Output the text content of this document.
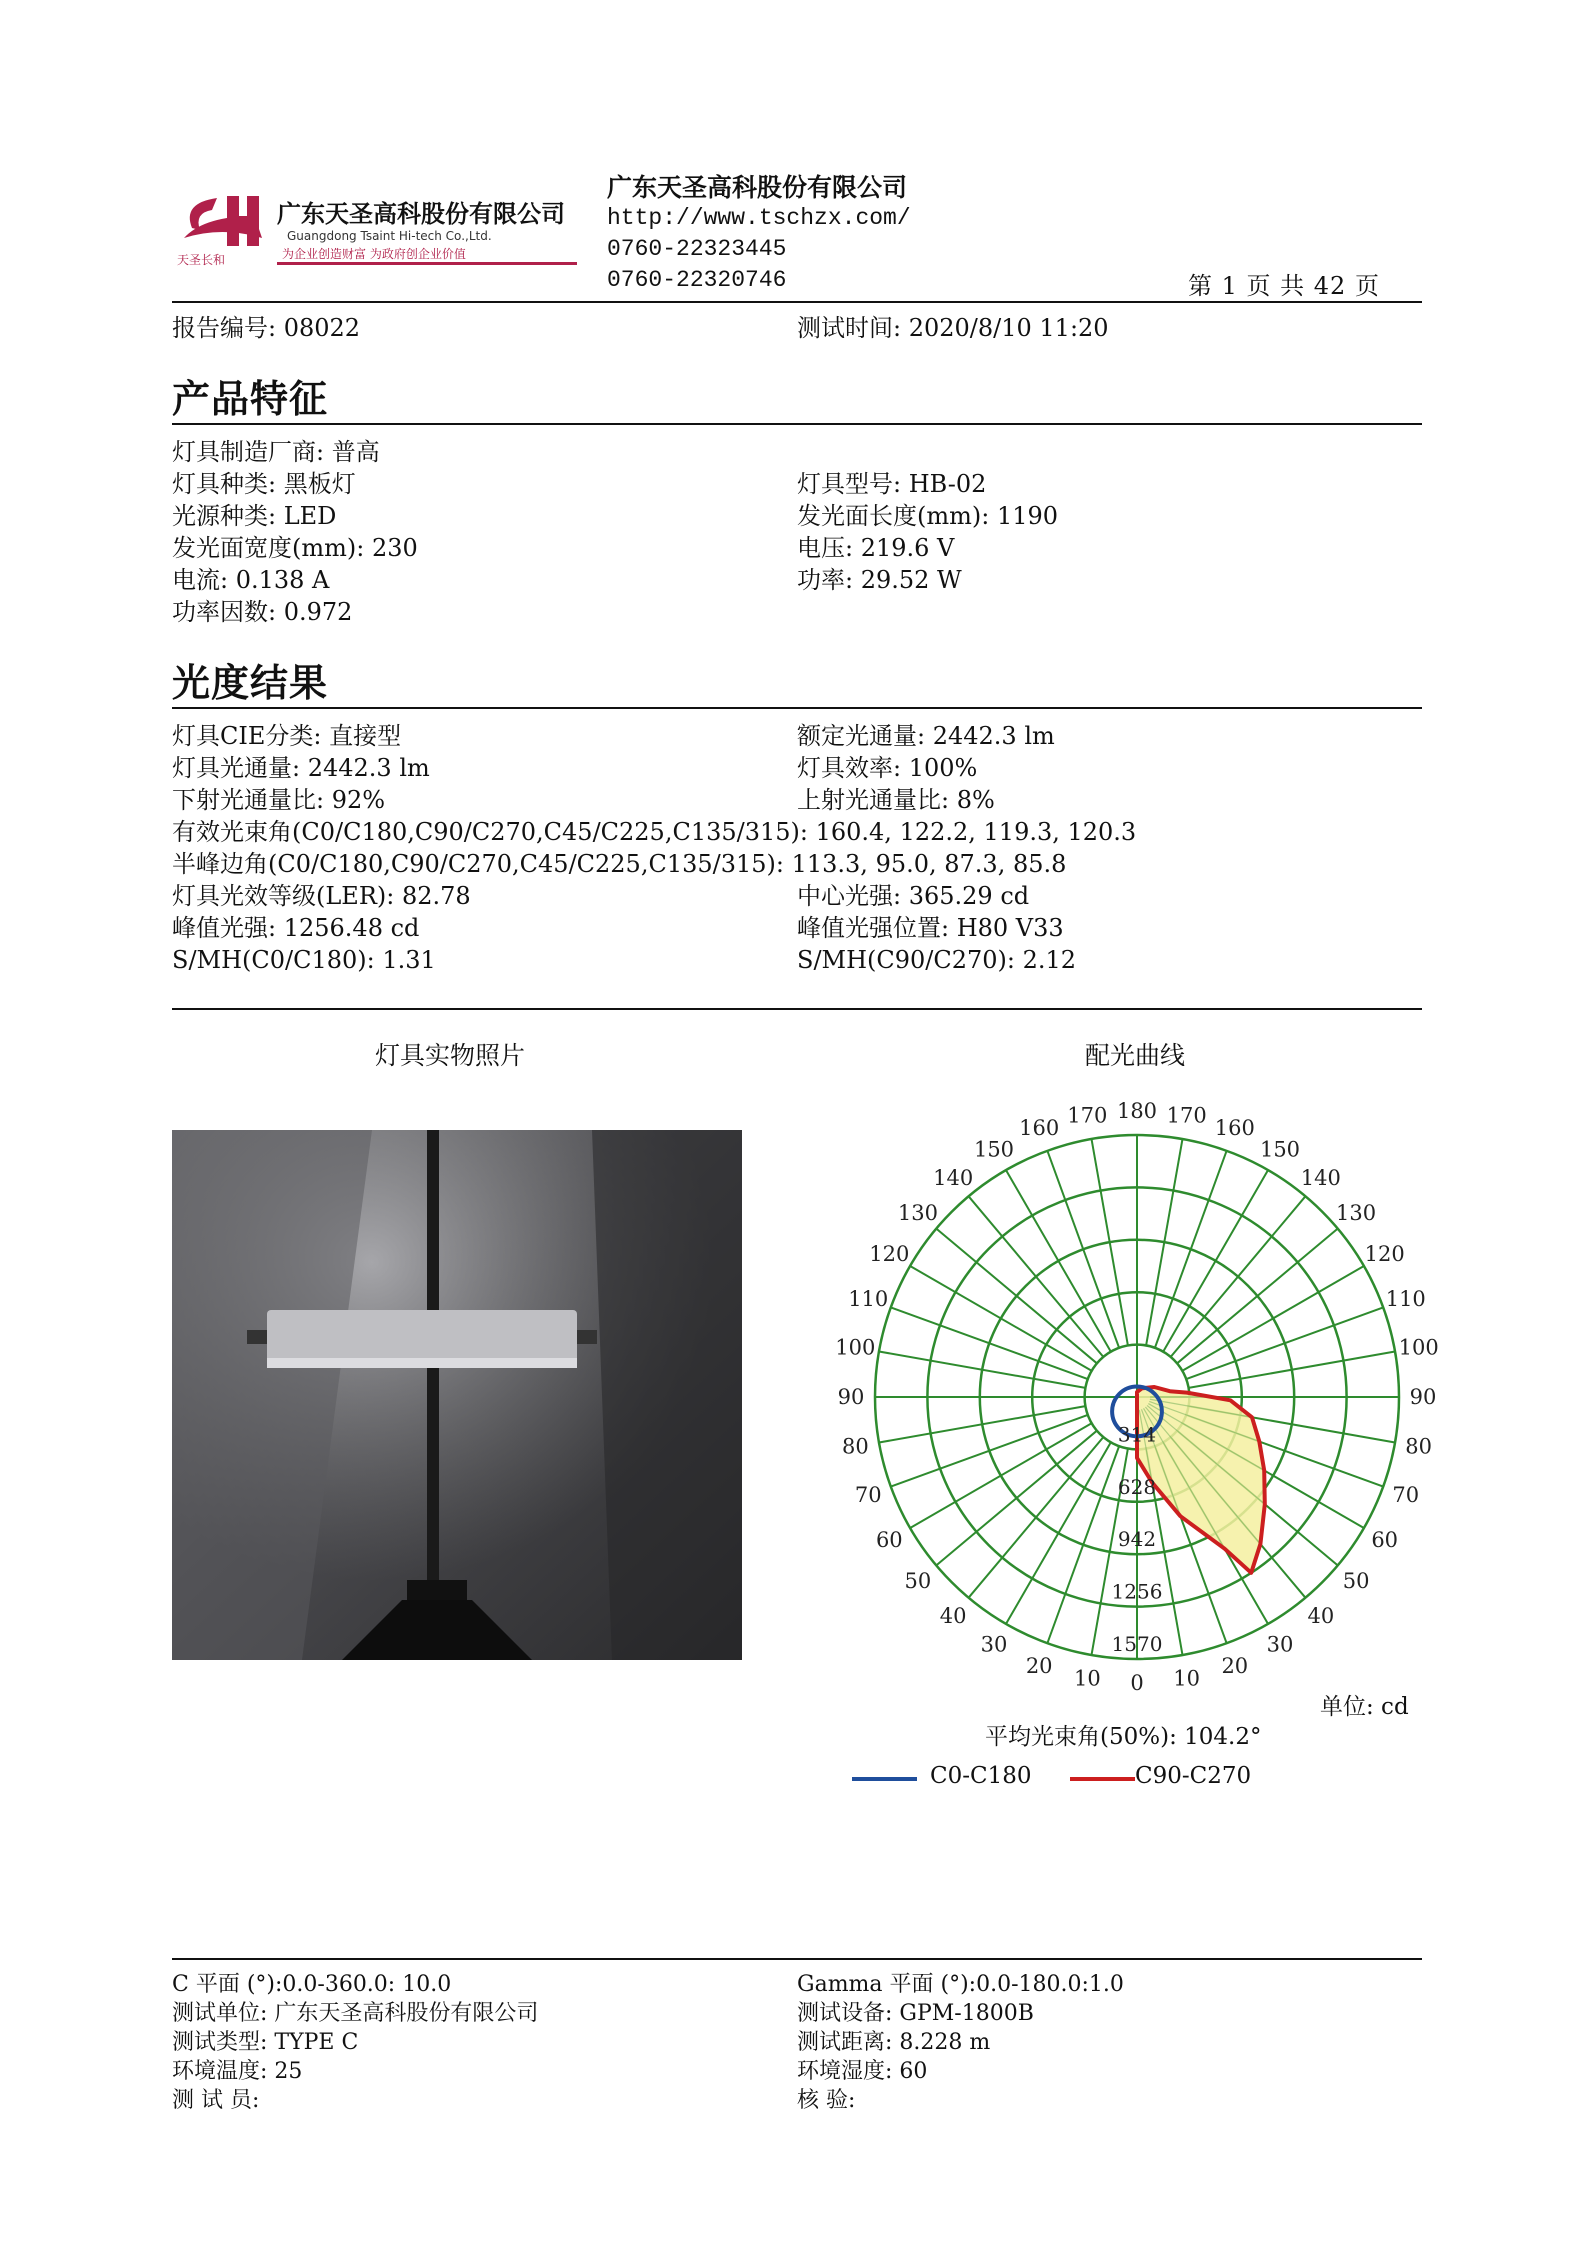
天圣长和
广东天圣高科股份有限公司
Guangdong Tsaint Hi-tech Co.,Ltd.
为企业创造财富 为政府创企业价值
广东天圣高科股份有限公司
http://www.tschzx.com/
0760-22323445
0760-22320746	第 1 页 共 42 页
报告编号: 08022	测试时间: 2020/8/10 11:20
产品特征
灯具制造厂商: 普高
灯具种类: 黑板灯	灯具型号: HB-02
光源种类: LED	发光面长度(mm): 1190
发光面宽度(mm): 230	电压: 219.6 V
电流: 0.138 A	功率: 29.52 W
功率因数: 0.972
光度结果
灯具CIE分类: 直接型	额定光通量: 2442.3 lm
灯具光通量: 2442.3 lm	灯具效率: 100%
下射光通量比: 92%	上射光通量比: 8%
有效光束角(C0/C180,C90/C270,C45/C225,C135/315): 160.4, 122.2, 119.3, 120.3
半峰边角(C0/C180,C90/C270,C45/C225,C135/315): 113.3, 95.0, 87.3, 85.8
灯具光效等级(LER): 82.78	中心光强: 365.29 cd
峰值光强: 1256.48 cd	峰值光强位置: H80 V33
S/MH(C0/C180): 1.31	S/MH(C90/C270): 2.12
灯具实物照片	配光曲线
314
628
942
1256
1570
180 170
170
160
160
150
150
140
140
130
130
120
120
110
110
100
100
90
90
80
80
70
70
60
60
50
50
40
40
30
30
20
20
10
10 0
单位: cd
平均光束角(50%): 104.2°
C0-C180	C90-C270
C 平面 (°):0.0-360.0: 10.0	Gamma 平面 (°):0.0-180.0:1.0
测试单位: 广东天圣高科股份有限公司	测试设备: GPM-1800B
测试类型: TYPE C	测试距离: 8.228 m
环境温度: 25	环境湿度: 60
测 试 员:	核 验:
